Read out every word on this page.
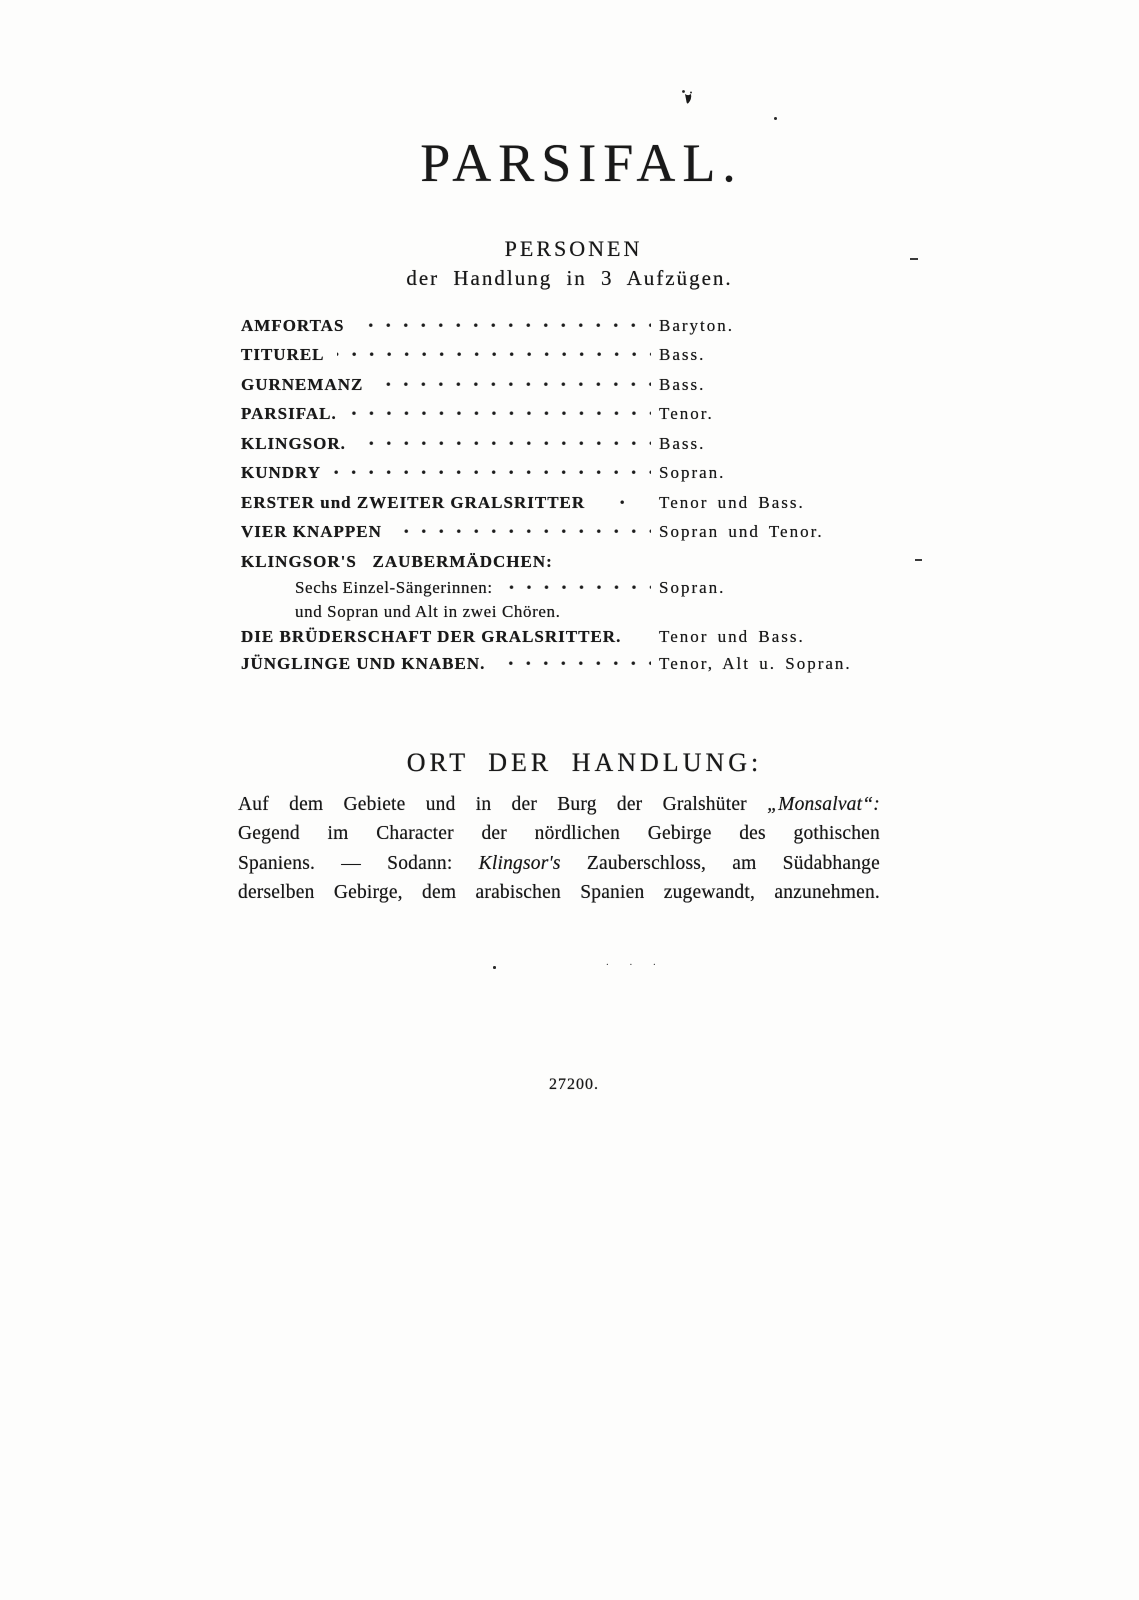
. . .
PARSIFAL.
PERSONEN
der Handlung in 3 Aufzügen.
AMFORTAS	Baryton.
TITUREL	Bass.
GURNEMANZ	Bass.
PARSIFAL.	Tenor.
KLINGSOR.	Bass.
KUNDRY	Sopran.
ERSTER und ZWEITER GRALSRITTER	Tenor und Bass.
VIER KNAPPEN	Sopran und Tenor.
KLINGSOR'S   ZAUBERMÄDCHEN:
Sechs Einzel-Sängerinnen:	Sopran.
und Sopran und Alt in zwei Chören.
DIE BRÜDERSCHAFT DER GRALSRITTER. Tenor und Bass.
JÜNGLINGE UND KNABEN.	Tenor, Alt u. Sopran.
ORT DER HANDLUNG:
Auf dem Gebiete und in der Burg der Gralshüter „Monsalvat“:
Gegend im Character der nördlichen Gebirge des gothischen
Spaniens. — Sodann: Klingsor's Zauberschloss, am Südabhange
derselben Gebirge, dem arabischen Spanien zugewandt, anzunehmen.
27200.
